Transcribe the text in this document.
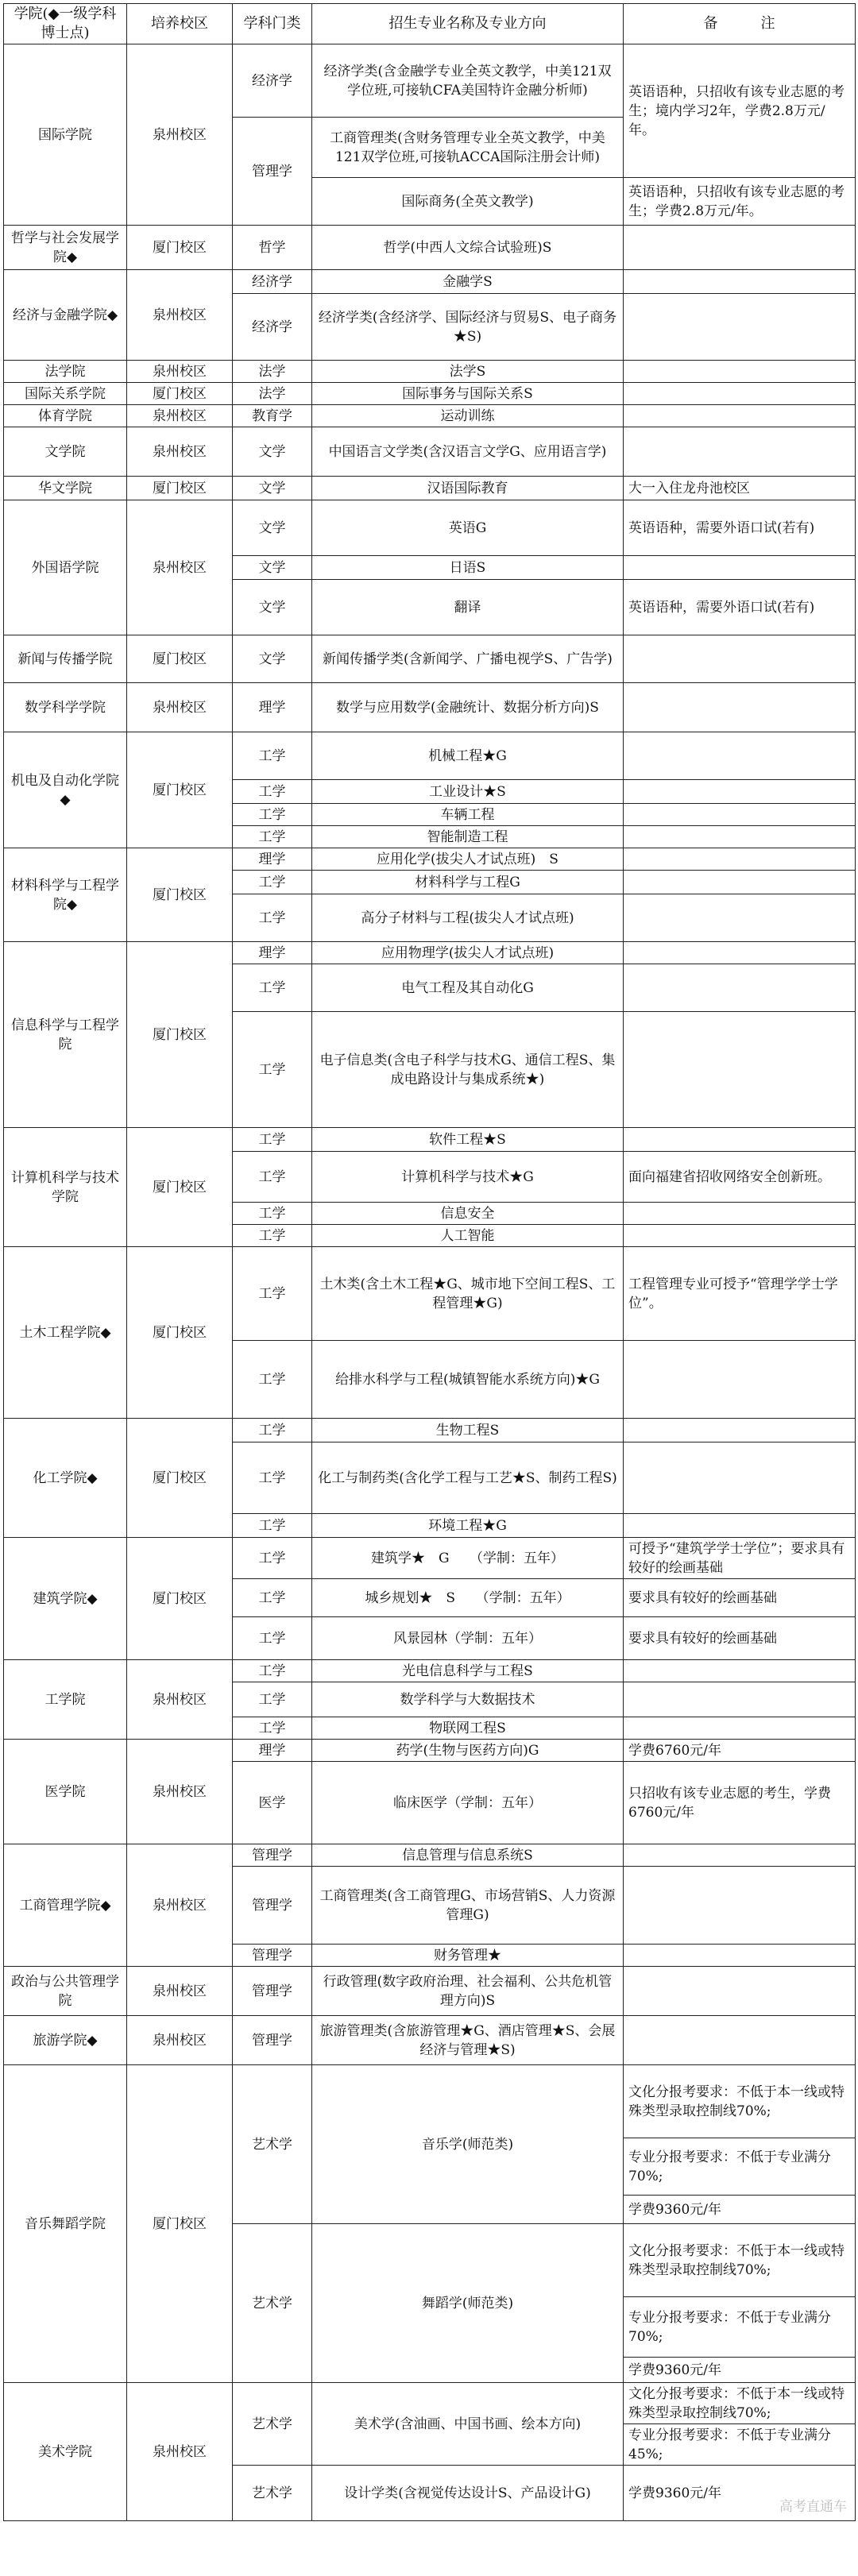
学院(◆一级学科博士点)	培养校区	学科门类	招生专业名称及专业方向	备　　　注
国际学院	泉州校区	经济学	经济学类(含金融学专业全英文教学，中美121双学位班,可接轨CFA美国特许金融分析师)	英语语种，只招收有该专业志愿的考生；境内学习2年，学费2.8万元/年。
		管理学	工商管理类(含财务管理专业全英文教学，中美121双学位班,可接轨ACCA国际注册会计师)	
			国际商务(全英文教学)	英语语种，只招收有该专业志愿的考生；学费2.8万元/年。
哲学与社会发展学院◆	厦门校区	哲学	哲学(中西人文综合试验班)S	
经济与金融学院◆	泉州校区	经济学	金融学S	
		经济学	经济学类(含经济学、国际经济与贸易S、电子商务★S)	
法学院	泉州校区	法学	法学S	
国际关系学院	厦门校区	法学	国际事务与国际关系S	
体育学院	泉州校区	教育学	运动训练	
文学院	泉州校区	文学	中国语言文学类(含汉语言文学G、应用语言学)	
华文学院	厦门校区	文学	汉语国际教育	大一入住龙舟池校区
外国语学院	泉州校区	文学	英语G	英语语种，需要外语口试(若有)
		文学	日语S	
		文学	翻译	英语语种，需要外语口试(若有)
新闻与传播学院	厦门校区	文学	新闻传播学类(含新闻学、广播电视学S、广告学)	
数学科学学院	泉州校区	理学	数学与应用数学(金融统计、数据分析方向)S	
机电及自动化学院◆	厦门校区	工学	机械工程★G	
		工学	工业设计★S	
		工学	车辆工程	
		工学	智能制造工程	
材料科学与工程学院◆	厦门校区	理学	应用化学(拔尖人才试点班)　S	
		工学	材料科学与工程G	
		工学	高分子材料与工程(拔尖人才试点班)	
信息科学与工程学院	厦门校区	理学	应用物理学(拔尖人才试点班)	
		工学	电气工程及其自动化G	
		工学	电子信息类(含电子科学与技术G、通信工程S、集成电路设计与集成系统★)	
计算机科学与技术学院	厦门校区	工学	软件工程★S	
		工学	计算机科学与技术★G	面向福建省招收网络安全创新班。
		工学	信息安全	
		工学	人工智能	
土木工程学院◆	厦门校区	工学	土木类(含土木工程★G、城市地下空间工程S、工程管理★G)	工程管理专业可授予“管理学学士学位”。
		工学	给排水科学与工程(城镇智能水系统方向)★G	
化工学院◆	厦门校区	工学	生物工程S	
		工学	化工与制药类(含化学工程与工艺★S、制药工程S)	
		工学	环境工程★G	
建筑学院◆	厦门校区	工学	建筑学★　G　　（学制：五年）	可授予“建筑学学士学位”；要求具有较好的绘画基础
		工学	城乡规划★　S　　（学制：五年）	要求具有较好的绘画基础
		工学	风景园林（学制：五年）	要求具有较好的绘画基础
工学院	泉州校区	工学	光电信息科学与工程S	
		工学	数学科学与大数据技术	
		工学	物联网工程S	
医学院	泉州校区	理学	药学(生物与医药方向)G	学费6760元/年
		医学	临床医学（学制：五年）	只招收有该专业志愿的考生，学费6760元/年
工商管理学院◆	泉州校区	管理学	信息管理与信息系统S	
		管理学	工商管理类(含工商管理G、市场营销S、人力资源管理G)	
		管理学	财务管理★	
政治与公共管理学院	泉州校区	管理学	行政管理(数字政府治理、社会福利、公共危机管理方向)S	
旅游学院◆	泉州校区	管理学	旅游管理类(含旅游管理★G、酒店管理★S、会展经济与管理★S)	
音乐舞蹈学院	厦门校区	艺术学	音乐学(师范类)	文化分报考要求：不低于本一线或特殊类型录取控制线70%;
				专业分报考要求：不低于专业满分70%;
				学费9360元/年
		艺术学	舞蹈学(师范类)	文化分报考要求：不低于本一线或特殊类型录取控制线70%;
				专业分报考要求：不低于专业满分70%;
				学费9360元/年
美术学院	泉州校区	艺术学	美术学(含油画、中国书画、绘本方向)	文化分报考要求：不低于本一线或特殊类型录取控制线70%;
				专业分报考要求：不低于专业满分45%;
		艺术学	设计学类(含视觉传达设计S、产品设计G)	学费9360元/年
高考直通车
